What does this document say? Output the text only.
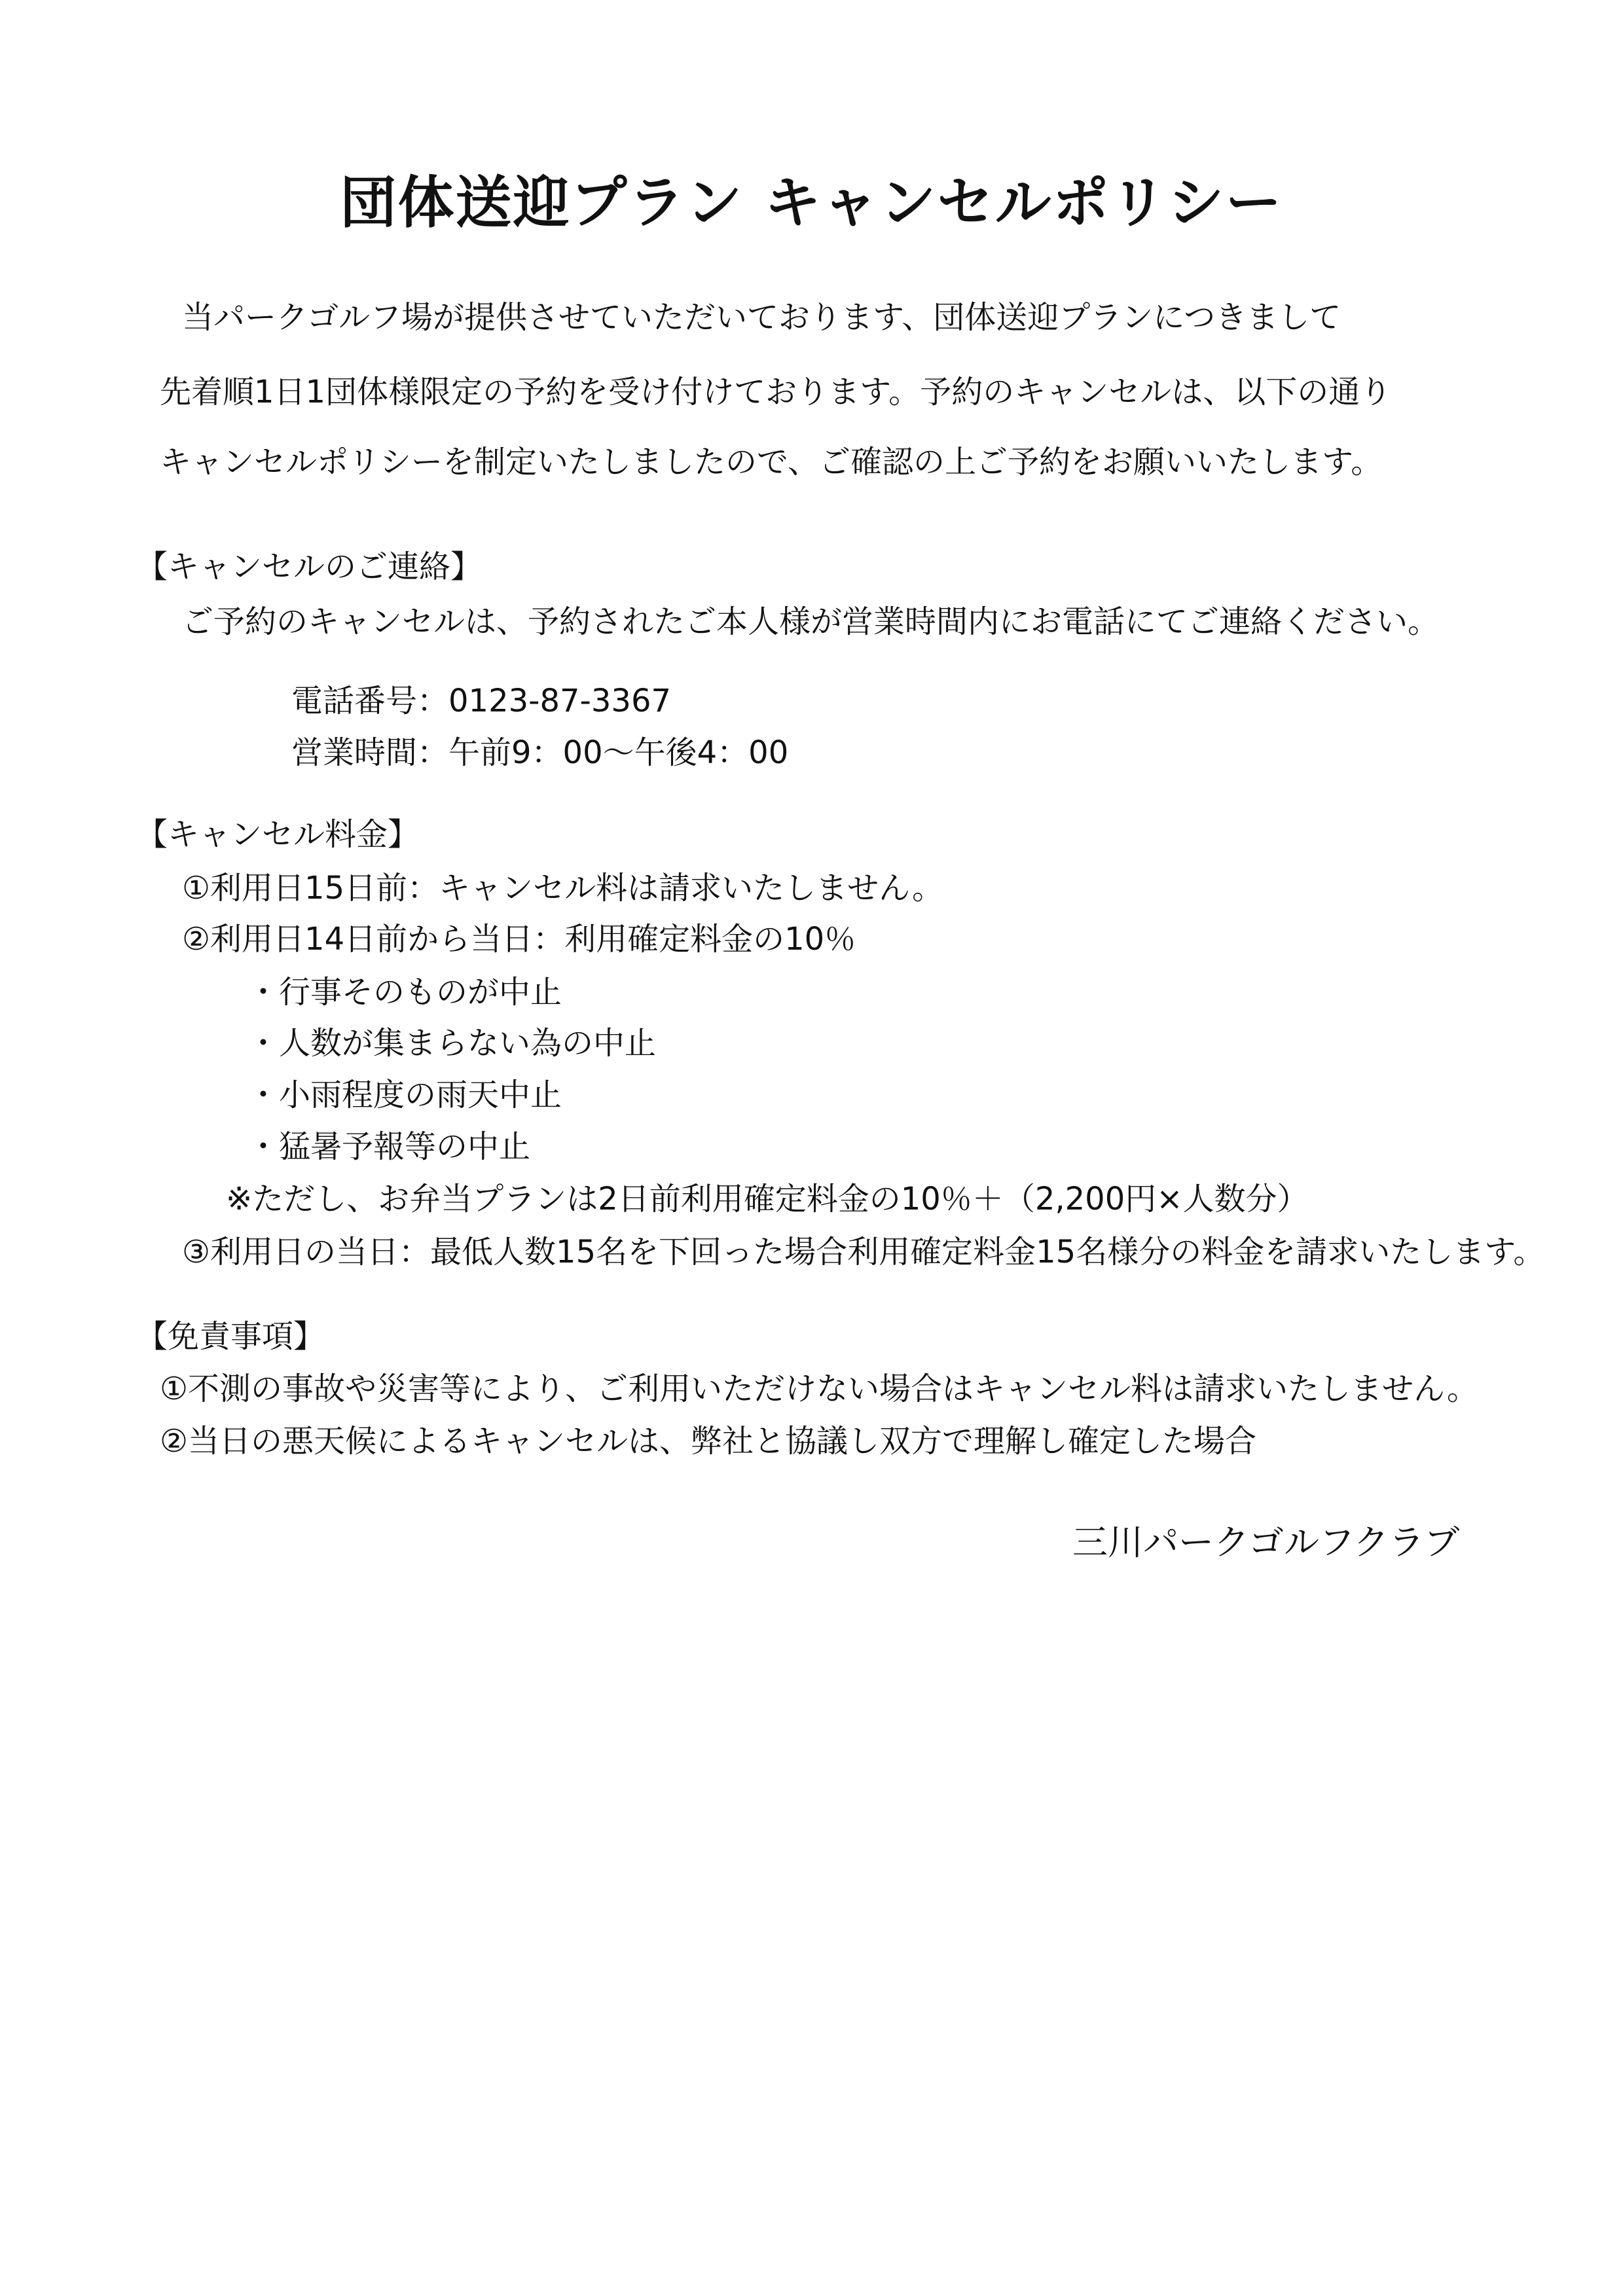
団体送迎プラン キャンセルポリシー
当パークゴルフ場が提供させていただいております、団体送迎プランにつきまして
先着順1日1団体様限定の予約を受け付けております。予約のキャンセルは、以下の通り
キャンセルポリシーを制定いたしましたので、ご確認の上ご予約をお願いいたします。
【キャンセルのご連絡】
ご予約のキャンセルは、予約されたご本人様が営業時間内にお電話にてご連絡ください。
電話番号：0123-87-3367
営業時間：午前9：00～午後4：00
【キャンセル料金】
①利用日15日前：キャンセル料は請求いたしません。
②利用日14日前から当日：利用確定料金の10％
・行事そのものが中止
・人数が集まらない為の中止
・小雨程度の雨天中止
・猛暑予報等の中止
※ただし、お弁当プランは2日前利用確定料金の10％＋（2,200円×人数分）
③利用日の当日：最低人数15名を下回った場合利用確定料金15名様分の料金を請求いたします。
【免責事項】
①不測の事故や災害等により、ご利用いただけない場合はキャンセル料は請求いたしません。
②当日の悪天候によるキャンセルは、弊社と協議し双方で理解し確定した場合
三川パークゴルフクラブ
